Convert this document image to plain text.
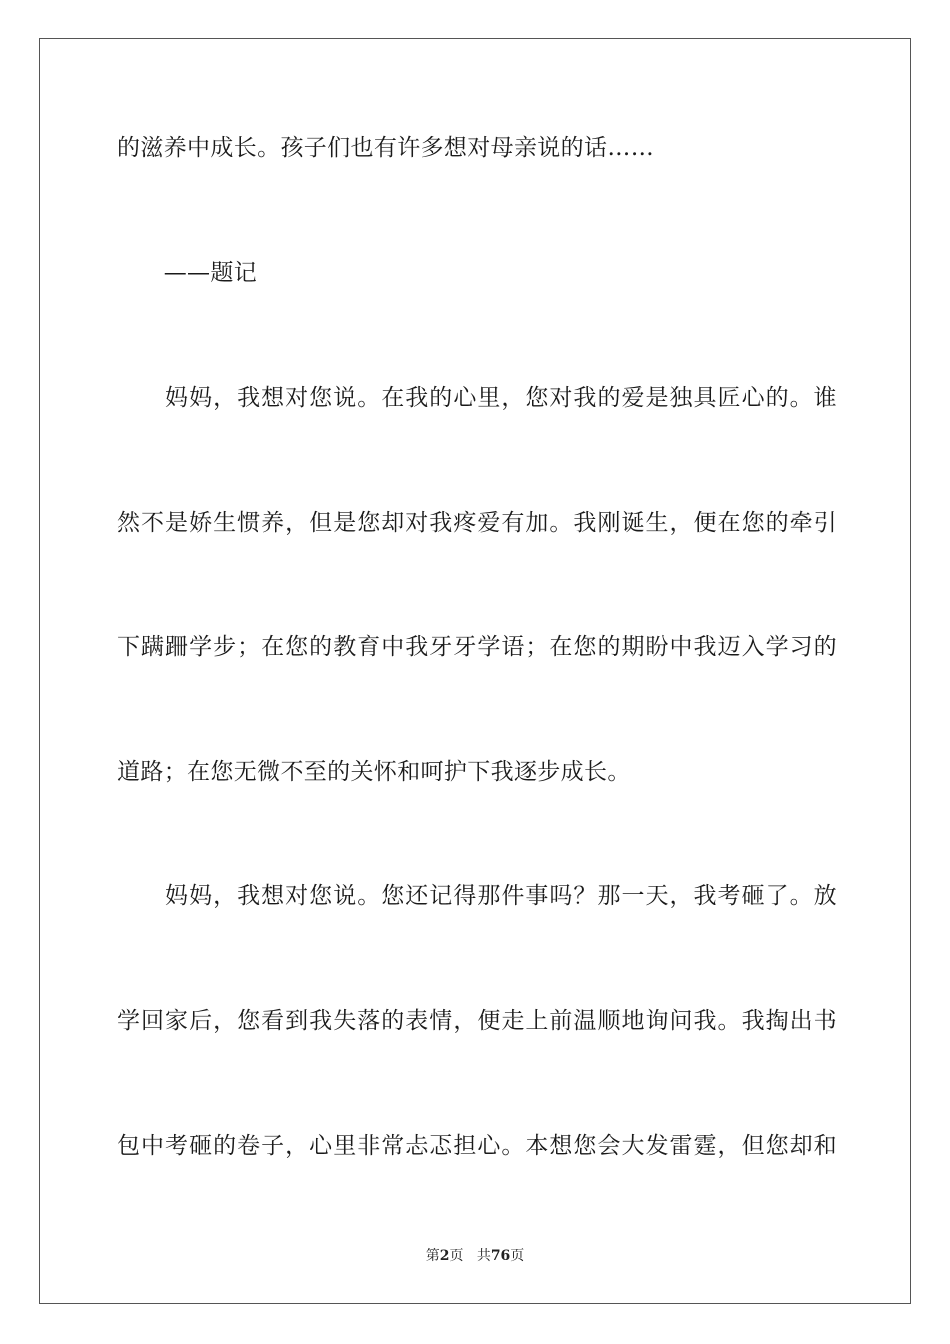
的滋养中成长。孩子们也有许多想对母亲说的话……
　　——题记
　　妈妈，我想对您说。在我的心里，您对我的爱是独具匠心的。谁
然不是娇生惯养，但是您却对我疼爱有加。我刚诞生，便在您的牵引
下蹒跚学步；在您的教育中我牙牙学语；在您的期盼中我迈入学习的
道路；在您无微不至的关怀和呵护下我逐步成长。
　　妈妈，我想对您说。您还记得那件事吗？那一天，我考砸了。放
学回家后，您看到我失落的表情，便走上前温顺地询问我。我掏出书
包中考砸的卷子，心里非常忐忑担心。本想您会大发雷霆，但您却和
第2页 共76页
